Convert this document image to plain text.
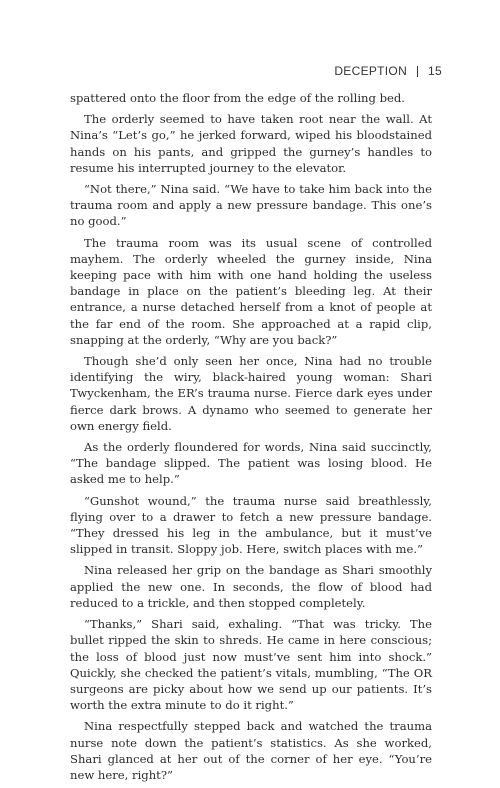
DECEPTION 15

spattered onto the floor from the edge of the rolling bed.

The orderly seemed to have taken root near the wall. At Nina’s “Let’s go,” he jerked forward, wiped his bloodstained hands on his pants, and gripped the gurney’s handles to resume his interrupted journey to the elevator.

“Not there,” Nina said. “We have to take him back into the trauma room and apply a new pressure bandage. This one’s no good.”

The trauma room was its usual scene of controlled mayhem. The orderly wheeled the gurney inside, Nina keeping pace with him with one hand holding the useless bandage in place on the patient’s bleeding leg. At their entrance, a nurse detached herself from a knot of people at the far end of the room. She approached at a rapid clip, snapping at the orderly, “Why are you back?”

Though she’d only seen her once, Nina had no trouble identifying the wiry, black-haired young woman: Shari Twyckenham, the ER’s trauma nurse. Fierce dark eyes under fierce dark brows. A dynamo who seemed to generate her own energy field.

As the orderly floundered for words, Nina said succinctly, “The bandage slipped. The patient was losing blood. He asked me to help.”

“Gunshot wound,” the trauma nurse said breathlessly, flying over to a drawer to fetch a new pressure bandage. “They dressed his leg in the ambulance, but it must’ve slipped in transit. Sloppy job. Here, switch places with me.”

Nina released her grip on the bandage as Shari smoothly applied the new one. In seconds, the flow of blood had reduced to a trickle, and then stopped completely.

“Thanks,” Shari said, exhaling. “That was tricky. The bullet ripped the skin to shreds. He came in here conscious; the loss of blood just now must’ve sent him into shock.” Quickly, she checked the patient’s vitals, mumbling, “The OR surgeons are picky about how we send up our patients. It’s worth the extra minute to do it right.”

Nina respectfully stepped back and watched the trauma nurse note down the patient’s statistics. As she worked, Shari glanced at her out of the corner of her eye. “You’re new here, right?”
